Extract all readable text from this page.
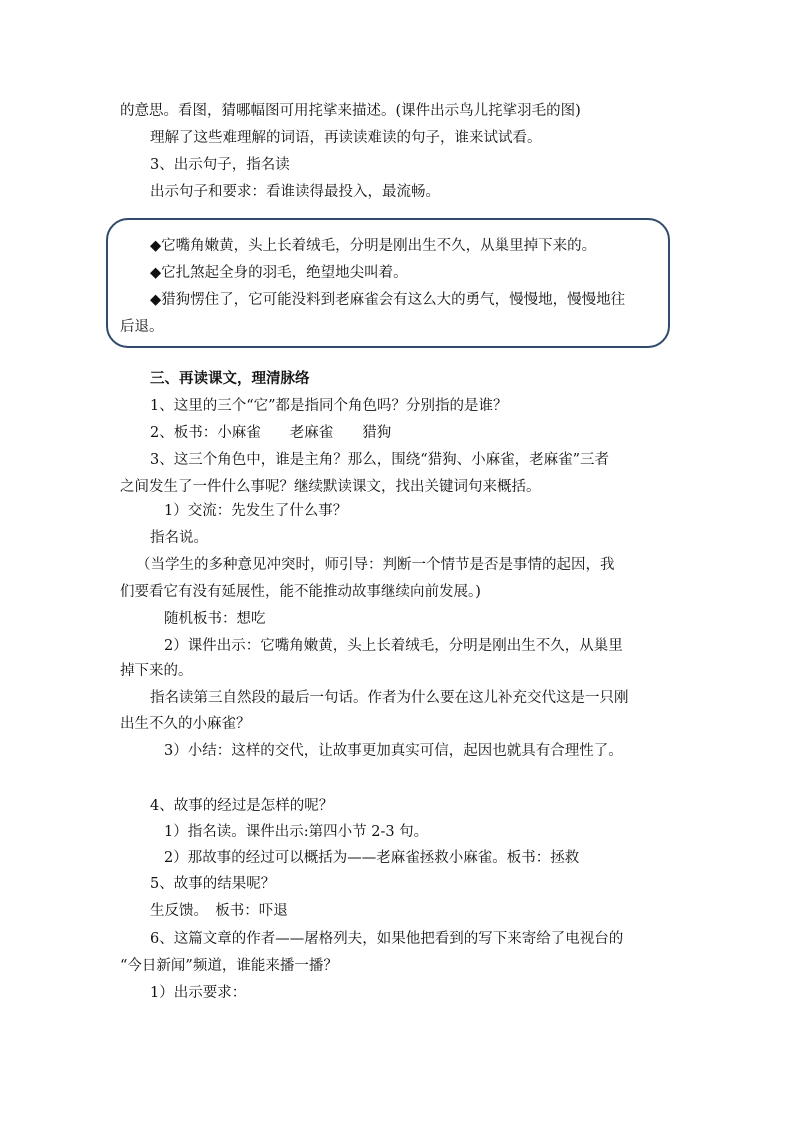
的意思。看图，猜哪幅图可用挓挲来描述。(课件出示鸟儿挓挲羽毛的图)
理解了这些难理解的词语，再读读难读的句子，谁来试试看。
3、出示句子，指名读
出示句子和要求：看谁读得最投入，最流畅。
◆它嘴角嫩黄，头上长着绒毛，分明是刚出生不久，从巢里掉下来的。
◆它扎煞起全身的羽毛，绝望地尖叫着。
◆猎狗愣住了，它可能没料到老麻雀会有这么大的勇气，慢慢地，慢慢地往
后退。
三、再读课文，理清脉络
1、这里的三个“它”都是指同个角色吗？分别指的是谁？
2、板书：小麻雀　　老麻雀　　猎狗
3、这三个角色中，谁是主角？那么，围绕“猎狗、小麻雀，老麻雀”三者
之间发生了一件什么事呢？继续默读课文，找出关键词句来概括。
1）交流：先发生了什么事？
指名说。
（当学生的多种意见冲突时，师引导：判断一个情节是否是事情的起因，我
们要看它有没有延展性，能不能推动故事继续向前发展。)
随机板书：想吃
2）课件出示：它嘴角嫩黄，头上长着绒毛，分明是刚出生不久，从巢里
掉下来的。
指名读第三自然段的最后一句话。作者为什么要在这儿补充交代这是一只刚
出生不久的小麻雀？
3）小结：这样的交代，让故事更加真实可信，起因也就具有合理性了。
4、故事的经过是怎样的呢？
1）指名读。课件出示:第四小节 2-3 句。
2）那故事的经过可以概括为——老麻雀拯救小麻雀。板书：拯救
5、故事的结果呢？
生反馈。　板书：吓退
6、这篇文章的作者——屠格列夫，如果他把看到的写下来寄给了电视台的
“今日新闻”频道，谁能来播一播？
1）出示要求：
